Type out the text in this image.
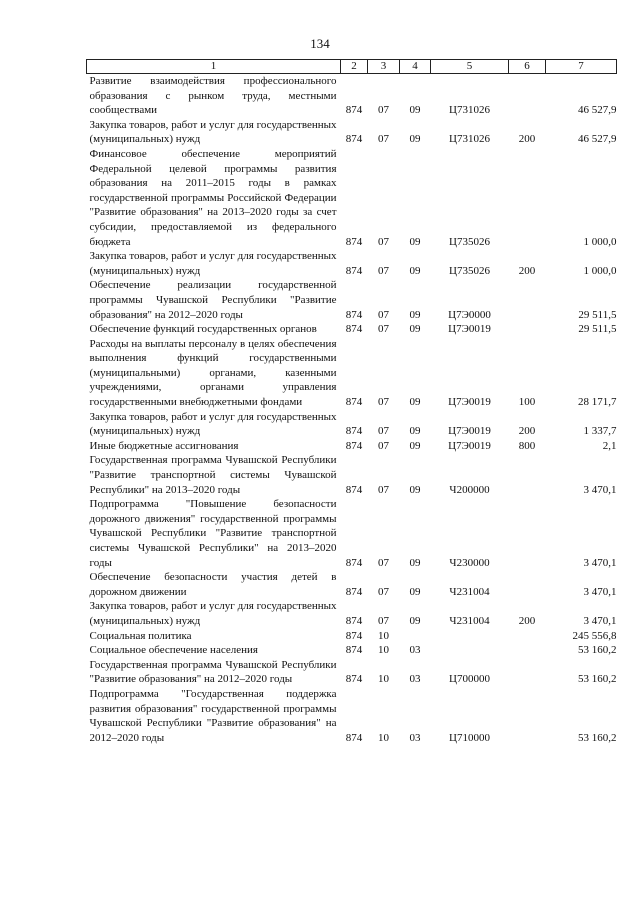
134
1	2	3	4	5	6	7
Развитие взаимодействия профессионального образования с рынком труда, местными сообществами	874	07	09	Ц731026		46 527,9
Закупка товаров, работ и услуг для государственных (муниципальных) нужд	874	07	09	Ц731026	200	46 527,9
Финансовое обеспечение мероприятий Федеральной целевой программы развития образования на 2011–2015 годы в рамках государственной программы Российской Федерации "Развитие образования" на 2013–2020 годы за счет субсидии, предоставляемой из федерального бюджета	874	07	09	Ц735026		1 000,0
Закупка товаров, работ и услуг для государственных (муниципальных) нужд	874	07	09	Ц735026	200	1 000,0
Обеспечение реализации государственной программы Чувашской Республики "Развитие образования" на 2012–2020 годы	874	07	09	Ц7Э0000		29 511,5
Обеспечение функций государственных органов	874	07	09	Ц7Э0019		29 511,5
Расходы на выплаты персоналу в целях обеспечения выполнения функций государственными (муниципальными) органами, казенными учреждениями, органами управления государственными внебюджетными фондами	874	07	09	Ц7Э0019	100	28 171,7
Закупка товаров, работ и услуг для государственных (муниципальных) нужд	874	07	09	Ц7Э0019	200	1 337,7
Иные бюджетные ассигнования	874	07	09	Ц7Э0019	800	2,1
Государственная программа Чувашской Республики "Развитие транспортной системы Чувашской Республики" на 2013–2020 годы	874	07	09	Ч200000		3 470,1
Подпрограмма "Повышение безопасности дорожного движения" государственной программы Чувашской Республики "Развитие транспортной системы Чувашской Республики" на 2013–2020 годы	874	07	09	Ч230000		3 470,1
Обеспечение безопасности участия детей в дорожном движении	874	07	09	Ч231004		3 470,1
Закупка товаров, работ и услуг для государственных (муниципальных) нужд	874	07	09	Ч231004	200	3 470,1
Социальная политика	874	10				245 556,8
Социальное обеспечение населения	874	10	03			53 160,2
Государственная программа Чувашской Республики "Развитие образования" на 2012–2020 годы	874	10	03	Ц700000		53 160,2
Подпрограмма "Государственная поддержка развития образования" государственной программы Чувашской Республики "Развитие образования" на 2012–2020 годы	874	10	03	Ц710000		53 160,2
